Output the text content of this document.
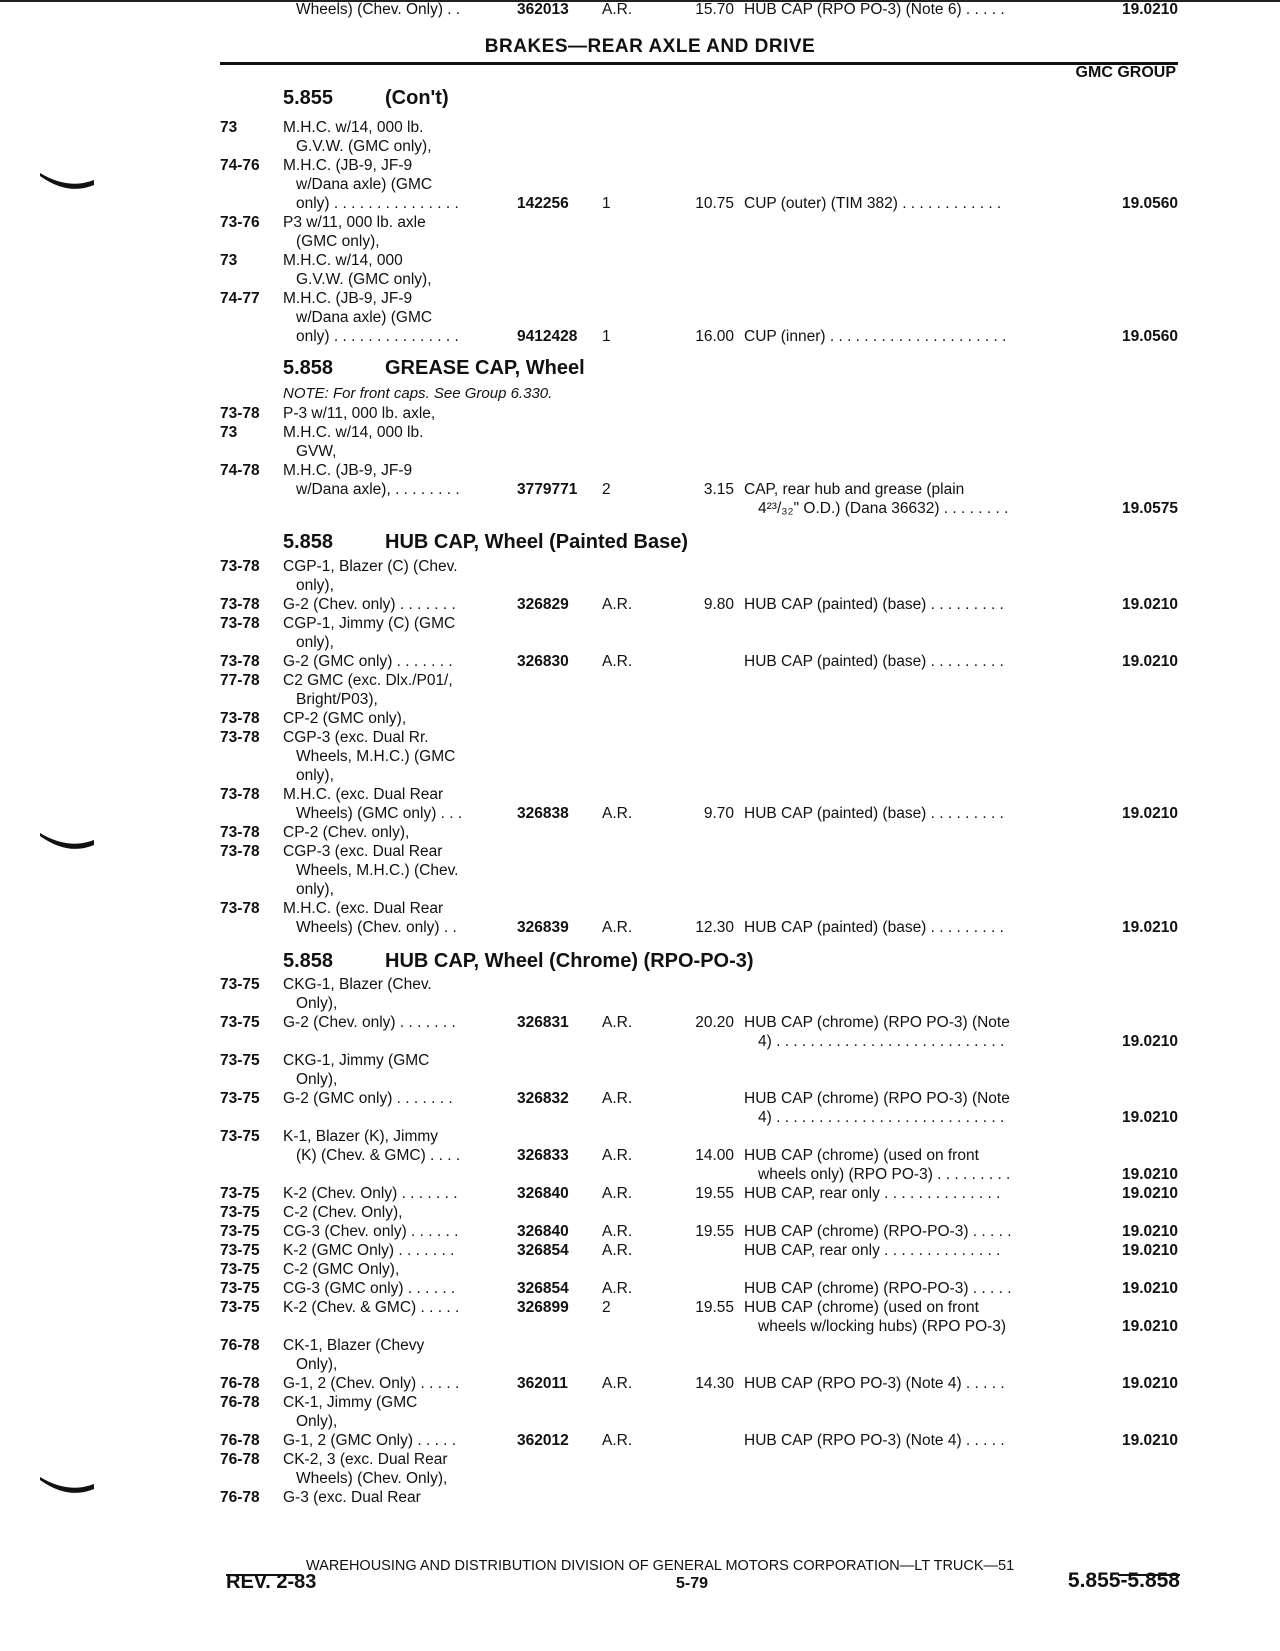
BRAKES—REAR AXLE AND DRIVE
GMC GROUP
5.855	(Con't)
5.858	GREASE CAP, Wheel
NOTE: For front caps. See Group 6.330.
5.858	HUB CAP, Wheel (Painted Base)
5.858	HUB CAP, Wheel (Chrome) (RPO-PO-3)
73	M.H.C. w/14, 000 lb.
G.V.W. (GMC only),
74-76 M.H.C. (JB-9, JF-9
w/Dana axle) (GMC
only) . . . . . . . . . . . . . . .	142256 1	10.75 CUP (outer) (TIM 382) . . . . . . . . . . . .	19.0560
73-76 P3 w/11, 000 lb. axle
(GMC only),
73	M.H.C. w/14, 000
G.V.W. (GMC only),
74-77 M.H.C. (JB-9, JF-9
w/Dana axle) (GMC
only) . . . . . . . . . . . . . . .	9412428 1	16.00 CUP (inner) . . . . . . . . . . . . . . . . . . . . .	19.0560
73-78 P-3 w/11, 000 lb. axle,
73	M.H.C. w/14, 000 lb.
GVW,
74-78 M.H.C. (JB-9, JF-9
w/Dana axle), . . . . . . . .	3779771 2	3.15 CAP, rear hub and grease (plain
4²³/₃₂" O.D.) (Dana 36632) . . . . . . . .	19.0575
73-78 CGP-1, Blazer (C) (Chev.
only),
73-78 G-2 (Chev. only) . . . . . . .	326829 A.R.	9.80 HUB CAP (painted) (base) . . . . . . . . .	19.0210
73-78 CGP-1, Jimmy (C) (GMC
only),
73-78 G-2 (GMC only) . . . . . . .	326830 A.R.	HUB CAP (painted) (base) . . . . . . . . .	19.0210
77-78 C2 GMC (exc. Dlx./P01/,
Bright/P03),
73-78 CP-2 (GMC only),
73-78 CGP-3 (exc. Dual Rr.
Wheels, M.H.C.) (GMC
only),
73-78 M.H.C. (exc. Dual Rear
Wheels) (GMC only) . . .	326838 A.R.	9.70 HUB CAP (painted) (base) . . . . . . . . .	19.0210
73-78 CP-2 (Chev. only),
73-78 CGP-3 (exc. Dual Rear
Wheels, M.H.C.) (Chev.
only),
73-78 M.H.C. (exc. Dual Rear
Wheels) (Chev. only) . .	326839 A.R.	12.30 HUB CAP (painted) (base) . . . . . . . . .	19.0210
73-75 CKG-1, Blazer (Chev.
Only),
73-75 G-2 (Chev. only) . . . . . . .	326831 A.R.	20.20 HUB CAP (chrome) (RPO PO-3) (Note
4) . . . . . . . . . . . . . . . . . . . . . . . . . . .	19.0210
73-75 CKG-1, Jimmy (GMC
Only),
73-75 G-2 (GMC only) . . . . . . .	326832 A.R.	HUB CAP (chrome) (RPO PO-3) (Note
4) . . . . . . . . . . . . . . . . . . . . . . . . . . .	19.0210
73-75 K-1, Blazer (K), Jimmy
(K) (Chev. & GMC) . . . .	326833 A.R.	14.00 HUB CAP (chrome) (used on front
wheels only) (RPO PO-3) . . . . . . . . .	19.0210
73-75 K-2 (Chev. Only) . . . . . . .	326840 A.R.	19.55 HUB CAP, rear only . . . . . . . . . . . . . .	19.0210
73-75 C-2 (Chev. Only),
73-75 CG-3 (Chev. only) . . . . . .	326840 A.R.	19.55 HUB CAP (chrome) (RPO-PO-3) . . . . .	19.0210
73-75 K-2 (GMC Only) . . . . . . .	326854 A.R.	HUB CAP, rear only . . . . . . . . . . . . . .	19.0210
73-75 C-2 (GMC Only),
73-75 CG-3 (GMC only) . . . . . .	326854 A.R.	HUB CAP (chrome) (RPO-PO-3) . . . . .	19.0210
73-75 K-2 (Chev. & GMC) . . . . .	326899 2	19.55 HUB CAP (chrome) (used on front
wheels w/locking hubs) (RPO PO-3)	19.0210
76-78 CK-1, Blazer (Chevy
Only),
76-78 G-1, 2 (Chev. Only) . . . . .	362011 A.R.	14.30 HUB CAP (RPO PO-3) (Note 4) . . . . .	19.0210
76-78 CK-1, Jimmy (GMC
Only),
76-78 G-1, 2 (GMC Only) . . . . .	362012 A.R.	HUB CAP (RPO PO-3) (Note 4) . . . . .	19.0210
76-78 CK-2, 3 (exc. Dual Rear
Wheels) (Chev. Only),
76-78 G-3 (exc. Dual Rear
Wheels) (Chev. Only) . .	362013 A.R.	15.70 HUB CAP (RPO PO-3) (Note 6) . . . . .	19.0210
WAREHOUSING AND DISTRIBUTION DIVISION OF GENERAL MOTORS CORPORATION—LT TRUCK—51
REV. 2-83	5-79	5.855-5.858
